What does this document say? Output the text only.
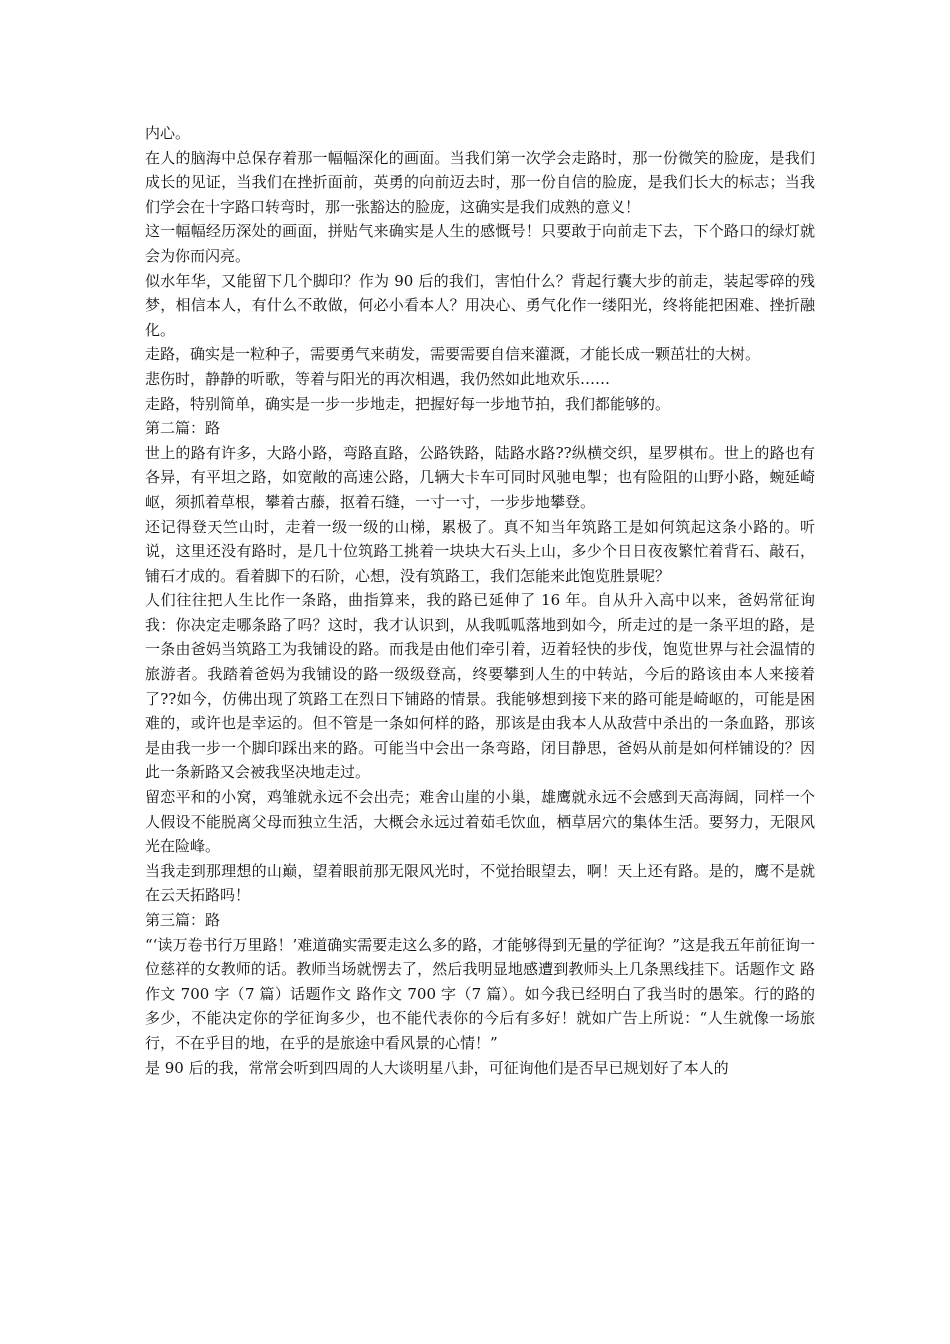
内心。

在人的脑海中总保存着那一幅幅深化的画面。当我们第一次学会走路时，那一份微笑的脸庞，是我们成长的见证，当我们在挫折面前，英勇的向前迈去时，那一份自信的脸庞，是我们长大的标志；当我们学会在十字路口转弯时，那一张豁达的脸庞，这确实是我们成熟的意义！

这一幅幅经历深处的画面，拼贴气来确实是人生的感慨号！只要敢于向前走下去，下个路口的绿灯就会为你而闪亮。

似水年华，又能留下几个脚印？作为 90 后的我们，害怕什么？背起行囊大步的前走，装起零碎的残梦，相信本人，有什么不敢做，何必小看本人？用决心、勇气化作一缕阳光，终将能把困难、挫折融化。

走路，确实是一粒种子，需要勇气来萌发，需要需要自信来灌溉，才能长成一颗茁壮的大树。

悲伤时，静静的听歌，等着与阳光的再次相遇，我仍然如此地欢乐……

走路，特别简单，确实是一步一步地走，把握好每一步地节拍，我们都能够的。

第二篇：路

世上的路有许多，大路小路，弯路直路，公路铁路，陆路水路??纵横交织，星罗棋布。世上的路也有各异，有平坦之路，如宽敞的高速公路，几辆大卡车可同时风驰电掣；也有险阻的山野小路，蜿延崎岖，须抓着草根，攀着古藤，抠着石缝，一寸一寸，一步步地攀登。

还记得登天竺山时，走着一级一级的山梯，累极了。真不知当年筑路工是如何筑起这条小路的。听说，这里还没有路时，是几十位筑路工挑着一块块大石头上山，多少个日日夜夜繁忙着背石、敲石，铺石才成的。看着脚下的石阶，心想，没有筑路工，我们怎能来此饱览胜景呢？

人们往往把人生比作一条路，曲指算来，我的路已延伸了 16 年。自从升入高中以来，爸妈常征询我：你决定走哪条路了吗？这时，我才认识到，从我呱呱落地到如今，所走过的是一条平坦的路，是一条由爸妈当筑路工为我铺设的路。而我是由他们牵引着，迈着轻快的步伐，饱览世界与社会温情的旅游者。我踏着爸妈为我铺设的路一级级登高，终要攀到人生的中转站，今后的路该由本人来接着了??如今，仿佛出现了筑路工在烈日下铺路的情景。我能够想到接下来的路可能是崎岖的，可能是困难的，或许也是幸运的。但不管是一条如何样的路，那该是由我本人从敌营中杀出的一条血路，那该是由我一步一个脚印踩出来的路。可能当中会出一条弯路，闭目静思，爸妈从前是如何样铺设的？因此一条新路又会被我坚决地走过。

留恋平和的小窝，鸡雏就永远不会出壳；难舍山崖的小巢，雄鹰就永远不会感到天高海阔，同样一个人假设不能脱离父母而独立生活，大概会永远过着茹毛饮血，栖草居穴的集体生活。要努力，无限风光在险峰。

当我走到那理想的山巅，望着眼前那无限风光时，不觉抬眼望去，啊！天上还有路。是的，鹰不是就在云天拓路吗！

第三篇：路

“‘读万卷书行万里路！’难道确实需要走这么多的路，才能够得到无量的学征询？”这是我五年前征询一位慈祥的女教师的话。教师当场就愣去了，然后我明显地感遭到教师头上几条黑线挂下。话题作文 路作文 700 字（7 篇）话题作文 路作文 700 字（7 篇）。如今我已经明白了我当时的愚笨。行的路的多少，不能决定你的学征询多少，也不能代表你的今后有多好！就如广告上所说：“人生就像一场旅行，不在乎目的地，在乎的是旅途中看风景的心情！”

是 90 后的我，常常会听到四周的人大谈明星八卦，可征询他们是否早已规划好了本人的
